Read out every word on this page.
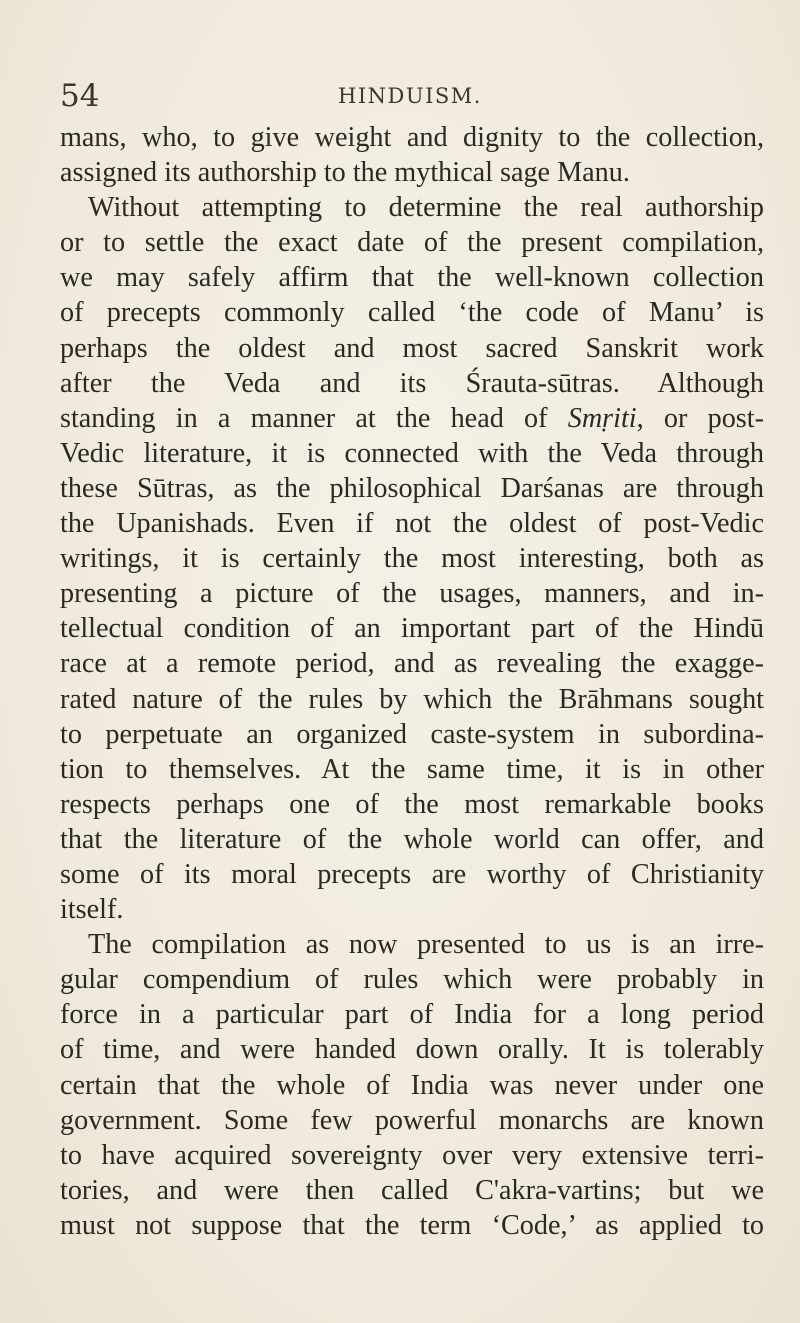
54	HINDUISM.
mans, who, to give weight and dignity to the collection,
assigned its authorship to the mythical sage Manu.
Without attempting to determine the real authorship
or to settle the exact date of the present compilation,
we may safely affirm that the well-known collection
of precepts commonly called ‘the code of Manu’ is
perhaps the oldest and most sacred Sanskrit work
after the Veda and its Śrauta-sūtras. Although
standing in a manner at the head of Smṛiti, or post-
Vedic literature, it is connected with the Veda through
these Sūtras, as the philosophical Darśanas are through
the Upanishads. Even if not the oldest of post-Vedic
writings, it is certainly the most interesting, both as
presenting a picture of the usages, manners, and in-
tellectual condition of an important part of the Hindū
race at a remote period, and as revealing the exagge-
rated nature of the rules by which the Brāhmans sought
to perpetuate an organized caste-system in subordina-
tion to themselves. At the same time, it is in other
respects perhaps one of the most remarkable books
that the literature of the whole world can offer, and
some of its moral precepts are worthy of Christianity
itself.
The compilation as now presented to us is an irre-
gular compendium of rules which were probably in
force in a particular part of India for a long period
of time, and were handed down orally. It is tolerably
certain that the whole of India was never under one
government. Some few powerful monarchs are known
to have acquired sovereignty over very extensive terri-
tories, and were then called C'akra-vartins; but we
must not suppose that the term ‘Code,’ as applied to
